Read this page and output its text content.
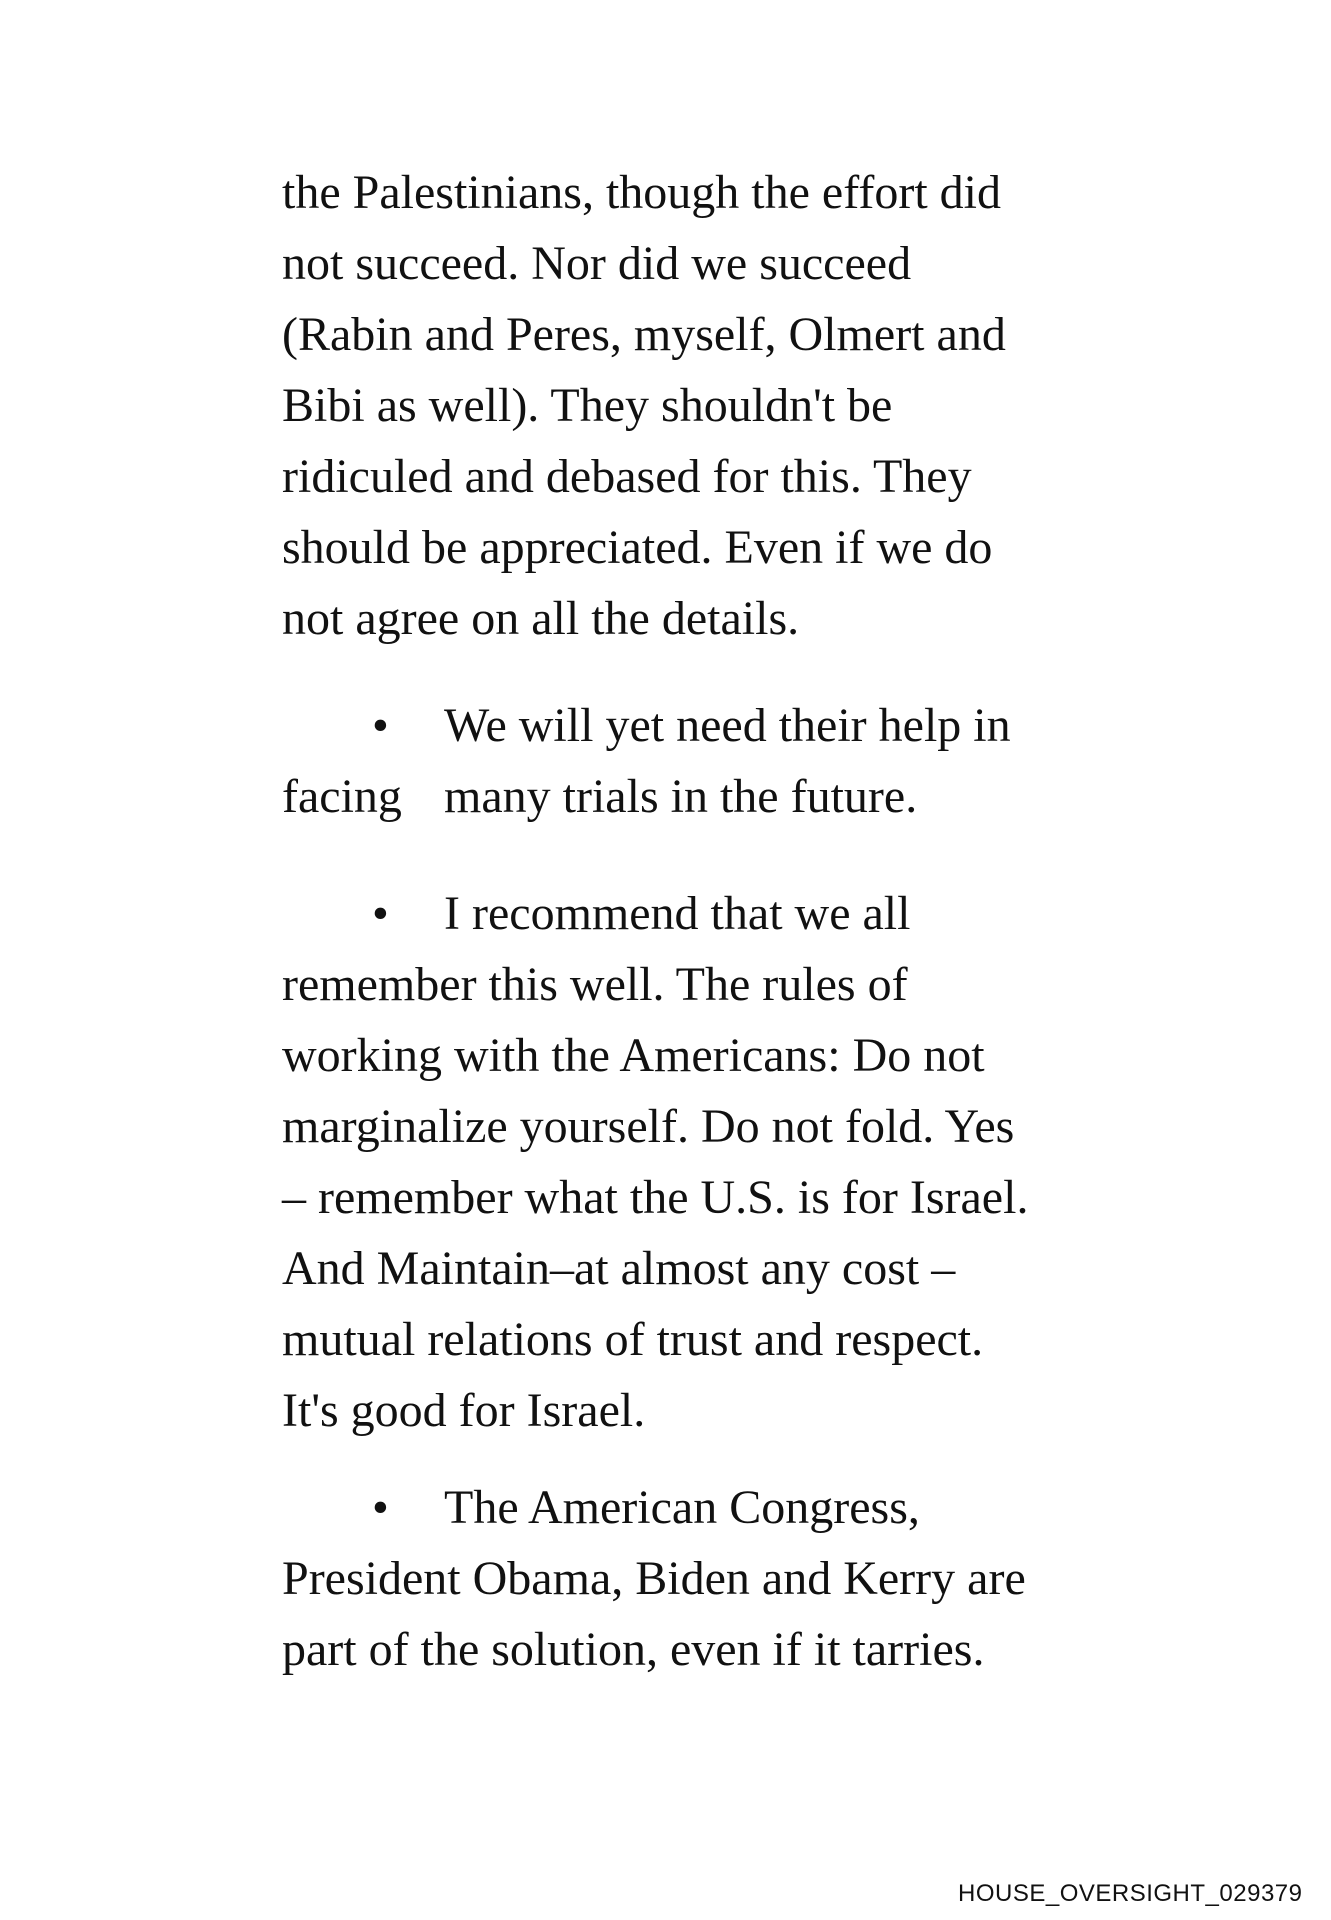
the Palestinians, though the effort did
not succeed. Nor did we succeed
(Rabin and Peres, myself, Olmert and
Bibi as well). They shouldn't be
ridiculed and debased for this. They
should be appreciated. Even if we do
not agree on all the details.
• We will yet need their help in
facing many trials in the future.
• I recommend that we all
remember this well. The rules of
working with the Americans: Do not
marginalize yourself. Do not fold. Yes
– remember what the U.S. is for Israel.
And Maintain–at almost any cost –
mutual relations of trust and respect.
It's good for Israel.
• The American Congress,
President Obama, Biden and Kerry are
part of the solution, even if it tarries.
HOUSE_OVERSIGHT_029379
